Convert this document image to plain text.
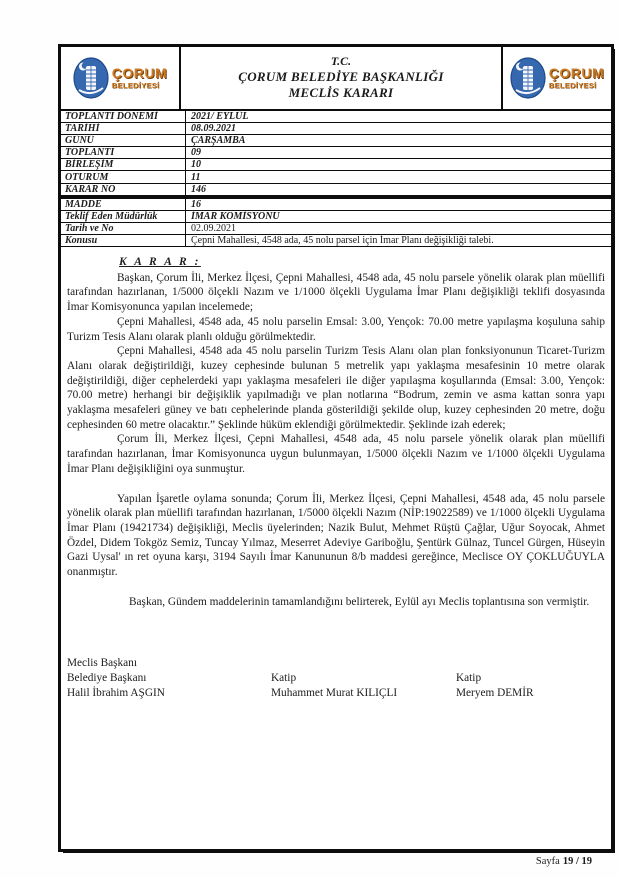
ÇORUM
BELEDİYESİ
T.C.
ÇORUM BELEDİYE BAŞKANLIĞI
MECLİS KARARI
ÇORUM
BELEDİYESİ
TOPLANTI DÖNEMİ	2021/ EYLÜL
TARİHİ	08.09.2021
GÜNÜ	ÇARŞAMBA
TOPLANTI	09
BİRLEŞİM	10
OTURUM	11
KARAR NO	146
MADDE	16
Teklif Eden Müdürlük	İMAR KOMİSYONU
Tarih ve No	02.09.2021
Konusu	Çepni Mahallesi, 4548 ada, 45 nolu parsel için İmar Planı değişikliği talebi.
K A R A R :

Başkan, Çorum İli, Merkez İlçesi, Çepni Mahallesi, 4548 ada, 45 nolu parsele yönelik olarak plan müellifi tarafından hazırlanan, 1/5000 ölçekli Nazım ve 1/1000 ölçekli Uygulama İmar Planı değişikliği teklifi dosyasında İmar Komisyonunca yapılan incelemede;

Çepni Mahallesi, 4548 ada, 45 nolu parselin Emsal: 3.00, Yençok: 70.00 metre yapılaşma koşuluna sahip Turizm Tesis Alanı olarak planlı olduğu görülmektedir.

Çepni Mahallesi, 4548 ada 45 nolu parselin Turizm Tesis Alanı olan plan fonksiyonunun Ticaret-Turizm Alanı olarak değiştirildiği, kuzey cephesinde bulunan 5 metrelik yapı yaklaşma mesafesinin 10 metre olarak değiştirildiği, diğer cephelerdeki yapı yaklaşma mesafeleri ile diğer yapılaşma koşullarında (Emsal: 3.00, Yençok: 70.00 metre) herhangi bir değişiklik yapılmadığı ve plan notlarına “Bodrum, zemin ve asma kattan sonra yapı yaklaşma mesafeleri güney ve batı cephelerinde planda gösterildiği şekilde olup, kuzey cephesinden 20 metre, doğu cephesinden 60 metre olacaktır.” Şeklinde hüküm eklendiği görülmektedir. Şeklinde izah ederek;

Çorum İli, Merkez İlçesi, Çepni Mahallesi, 4548 ada, 45 nolu parsele yönelik olarak plan müellifi tarafından hazırlanan, İmar Komisyonunca uygun bulunmayan, 1/5000 ölçekli Nazım ve 1/1000 ölçekli Uygulama İmar Planı değişikliğini oya sunmuştur.

Yapılan İşaretle oylama sonunda; Çorum İli, Merkez İlçesi, Çepni Mahallesi, 4548 ada, 45 nolu parsele yönelik olarak plan müellifi tarafından hazırlanan, 1/5000 ölçekli Nazım (NİP:19022589) ve 1/1000 ölçekli Uygulama İmar Planı (19421734) değişikliği, Meclis üyelerinden; Nazik Bulut, Mehmet Rüştü Çağlar, Uğur Soyocak, Ahmet Özdel, Didem Tokgöz Semiz, Tuncay Yılmaz, Meserret Adeviye Gariboğlu, Şentürk Gülnaz, Tuncel Gürgen, Hüseyin Gazi Uysal' ın ret oyuna karşı, 3194 Sayılı İmar Kanununun 8/b maddesi gereğince, Meclisce OY ÇOKLUĞUYLA onanmıştır.

Başkan, Gündem maddelerinin tamamlandığını belirterek, Eylül ayı Meclis toplantısına son vermiştir.

Meclis Başkanı
Belediye Başkanı
Halil İbrahim AŞGIN
Katip
Muhammet Murat KILIÇLI
Katip
Meryem DEMİR
Sayfa 19 / 19
